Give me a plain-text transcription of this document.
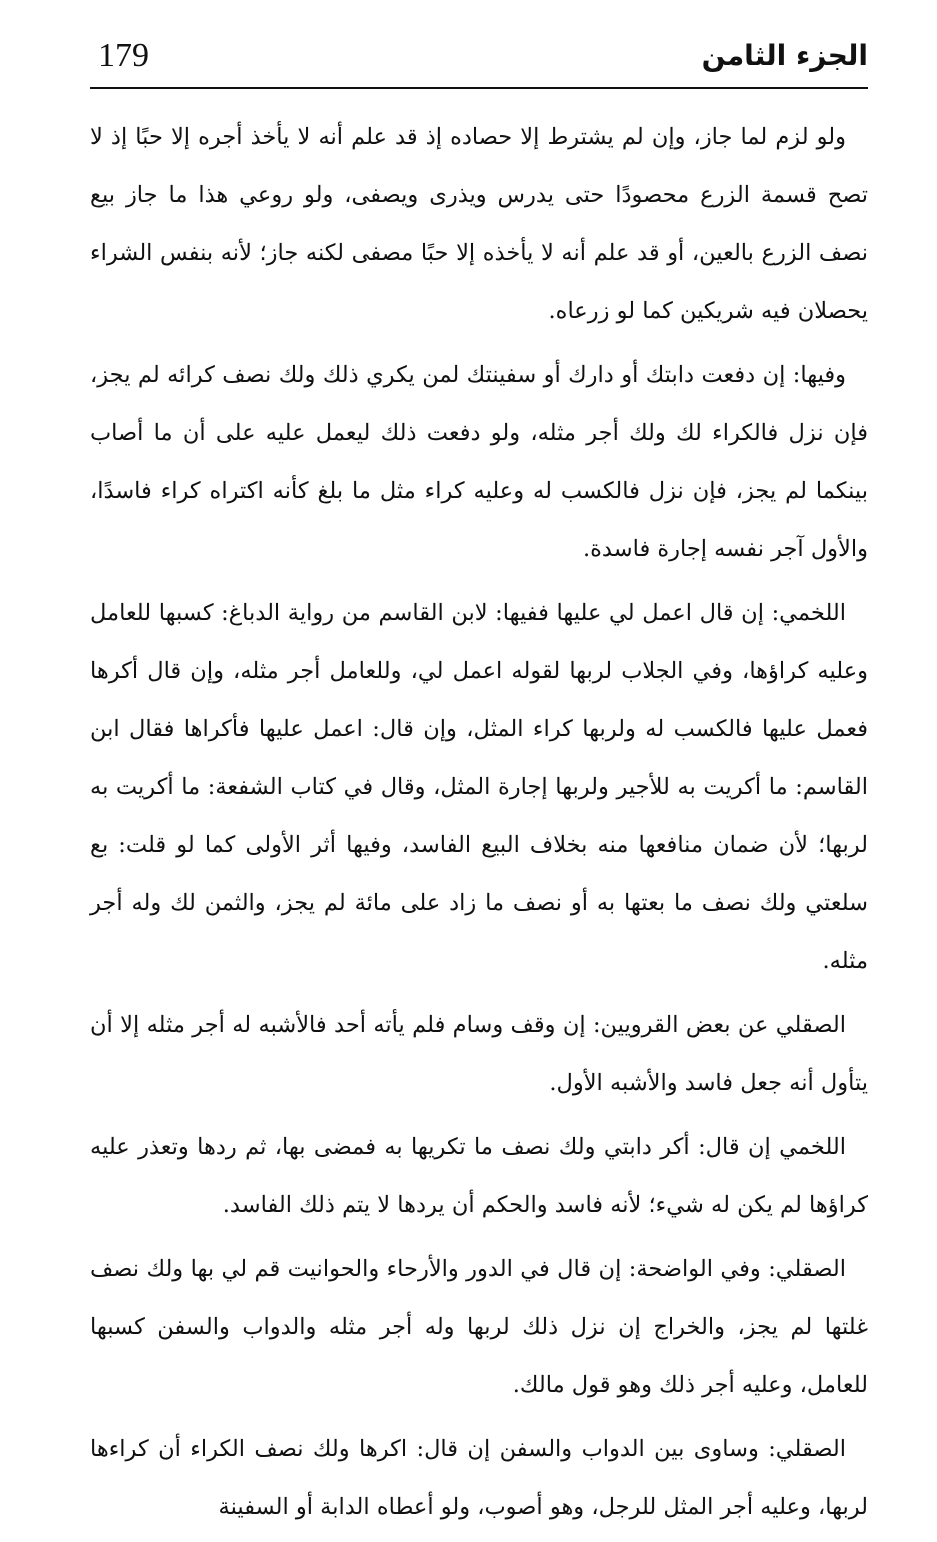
179	الجزء الثامن

ولو لزم لما جاز، وإن لم يشترط إلا حصاده إذ قد علم أنه لا يأخذ أجره إلا حبًا إذ لا تصح قسمة الزرع محصودًا حتى يدرس ويذرى ويصفى، ولو روعي هذا ما جاز بيع نصف الزرع بالعين، أو قد علم أنه لا يأخذه إلا حبًا مصفى لكنه جاز؛ لأنه بنفس الشراء يحصلان فيه شريكين كما لو زرعاه.

وفيها: إن دفعت دابتك أو دارك أو سفينتك لمن يكري ذلك ولك نصف كرائه لم يجز، فإن نزل فالكراء لك ولك أجر مثله، ولو دفعت ذلك ليعمل عليه على أن ما أصاب بينكما لم يجز، فإن نزل فالكسب له وعليه كراء مثل ما بلغ كأنه اكتراه كراء فاسدًا، والأول آجر نفسه إجارة فاسدة.

اللخمي: إن قال اعمل لي عليها ففيها: لابن القاسم من رواية الدباغ: كسبها للعامل وعليه كراؤها، وفي الجلاب لربها لقوله اعمل لي، وللعامل أجر مثله، وإن قال أكرها فعمل عليها فالكسب له ولربها كراء المثل، وإن قال: اعمل عليها فأكراها فقال ابن القاسم: ما أكريت به للأجير ولربها إجارة المثل، وقال في كتاب الشفعة: ما أكريت به لربها؛ لأن ضمان منافعها منه بخلاف البيع الفاسد، وفيها أثر الأولى كما لو قلت: بع سلعتي ولك نصف ما بعتها به أو نصف ما زاد على مائة لم يجز، والثمن لك وله أجر مثله.

الصقلي عن بعض القرويين: إن وقف وسام فلم يأته أحد فالأشبه له أجر مثله إلا أن يتأول أنه جعل فاسد والأشبه الأول.

اللخمي إن قال: أكر دابتي ولك نصف ما تكريها به فمضى بها، ثم ردها وتعذر عليه كراؤها لم يكن له شيء؛ لأنه فاسد والحكم أن يردها لا يتم ذلك الفاسد.

الصقلي: وفي الواضحة: إن قال في الدور والأرحاء والحوانيت قم لي بها ولك نصف غلتها لم يجز، والخراج إن نزل ذلك لربها وله أجر مثله والدواب والسفن كسبها للعامل، وعليه أجر ذلك وهو قول مالك.

الصقلي: وساوى بين الدواب والسفن إن قال: اكرها ولك نصف الكراء أن كراءها لربها، وعليه أجر المثل للرجل، وهو أصوب، ولو أعطاه الدابة أو السفينة
